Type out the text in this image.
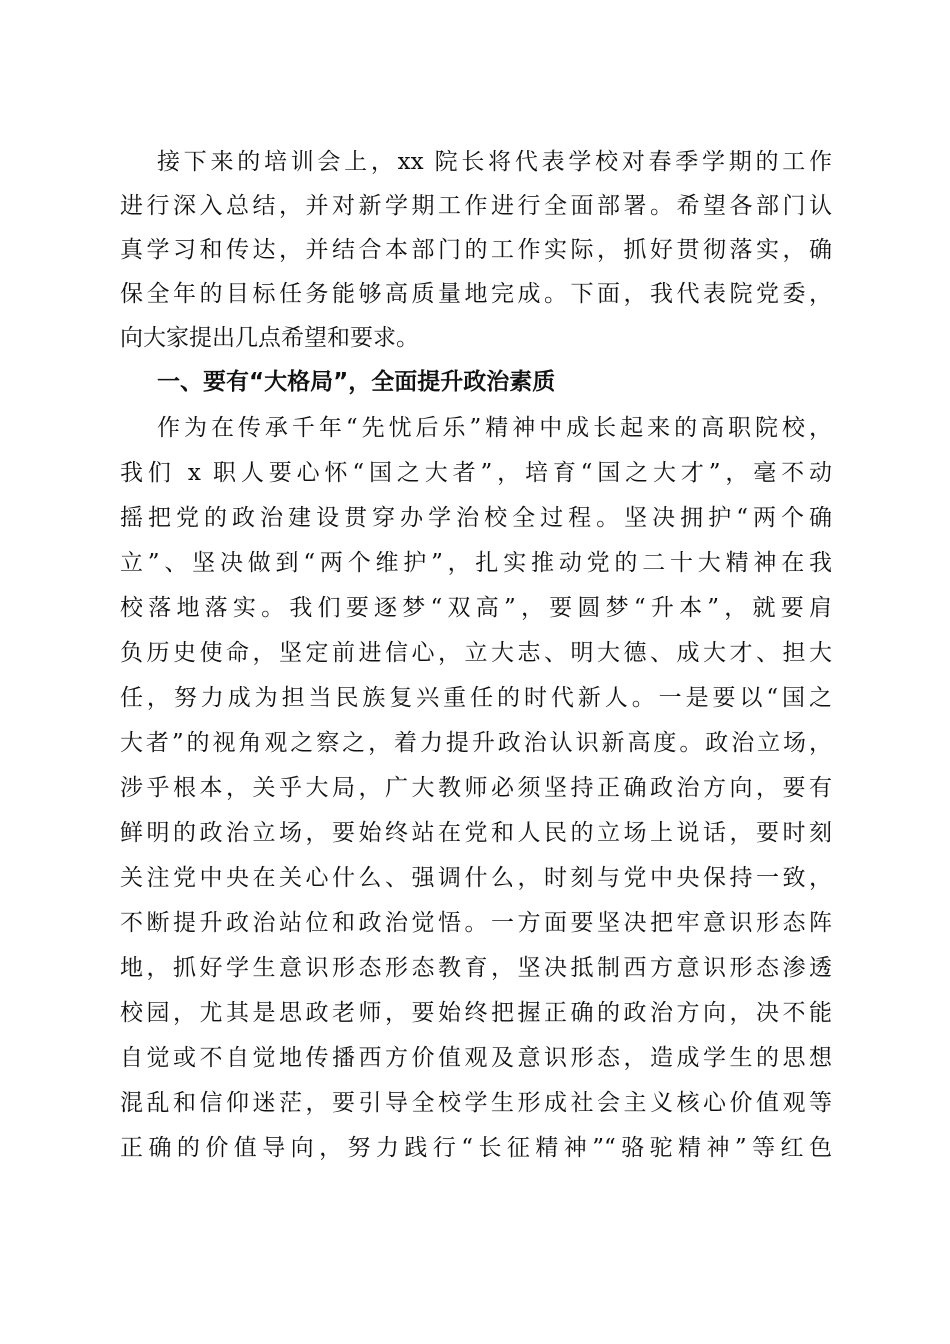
接下来的培训会上，xx 院长将代表学校对春季学期的工作
进行深入总结，并对新学期工作进行全面部署。希望各部门认
真学习和传达，并结合本部门的工作实际，抓好贯彻落实，确
保全年的目标任务能够高质量地完成。下面，我代表院党委，
向大家提出几点希望和要求。
一、要有“大格局”，全面提升政治素质
作为在传承千年“先忧后乐”精神中成长起来的高职院校，
我们 x 职人要心怀“国之大者”，培育“国之大才”，毫不动
摇把党的政治建设贯穿办学治校全过程。坚决拥护“两个确
立”、坚决做到“两个维护”，扎实推动党的二十大精神在我
校落地落实。我们要逐梦“双高”，要圆梦“升本”，就要肩
负历史使命，坚定前进信心，立大志、明大德、成大才、担大
任，努力成为担当民族复兴重任的时代新人。一是要以“国之
大者”的视角观之察之，着力提升政治认识新高度。政治立场，
涉乎根本，关乎大局，广大教师必须坚持正确政治方向，要有
鲜明的政治立场，要始终站在党和人民的立场上说话，要时刻
关注党中央在关心什么、强调什么，时刻与党中央保持一致，
不断提升政治站位和政治觉悟。一方面要坚决把牢意识形态阵
地，抓好学生意识形态形态教育，坚决抵制西方意识形态渗透
校园，尤其是思政老师，要始终把握正确的政治方向，决不能
自觉或不自觉地传播西方价值观及意识形态，造成学生的思想
混乱和信仰迷茫，要引导全校学生形成社会主义核心价值观等
正确的价值导向，努力践行“长征精神”“骆驼精神”等红色
